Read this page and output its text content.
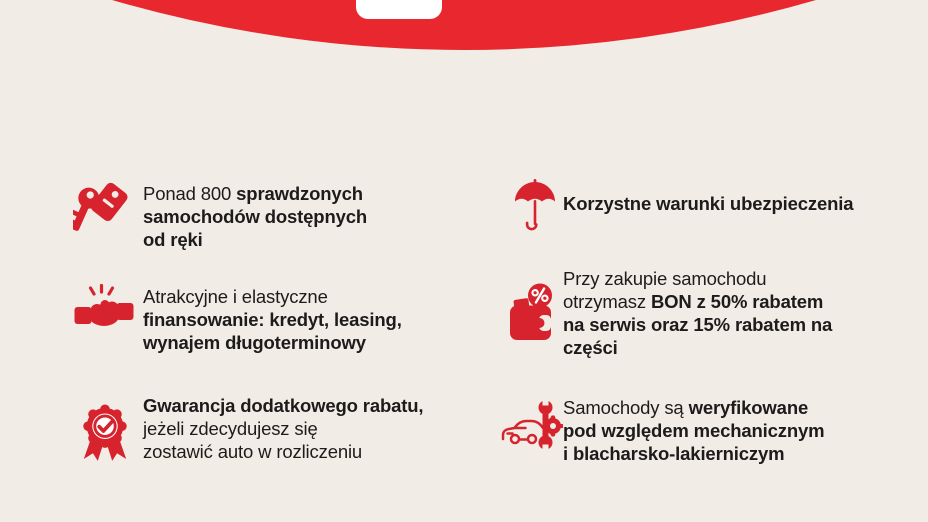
Ponad 800 sprawdzonych
samochodów dostępnych
od ręki
Atrakcyjne i elastyczne
finansowanie: kredyt, leasing,
wynajem długoterminowy
Gwarancja dodatkowego rabatu,
jeżeli zdecydujesz się
zostawić auto w rozliczeniu
Korzystne warunki ubezpieczenia
Przy zakupie samochodu
otrzymasz BON z 50% rabatem
na serwis oraz 15% rabatem na
części
Samochody są weryfikowane
pod względem mechanicznym
i blacharsko-lakierniczym
